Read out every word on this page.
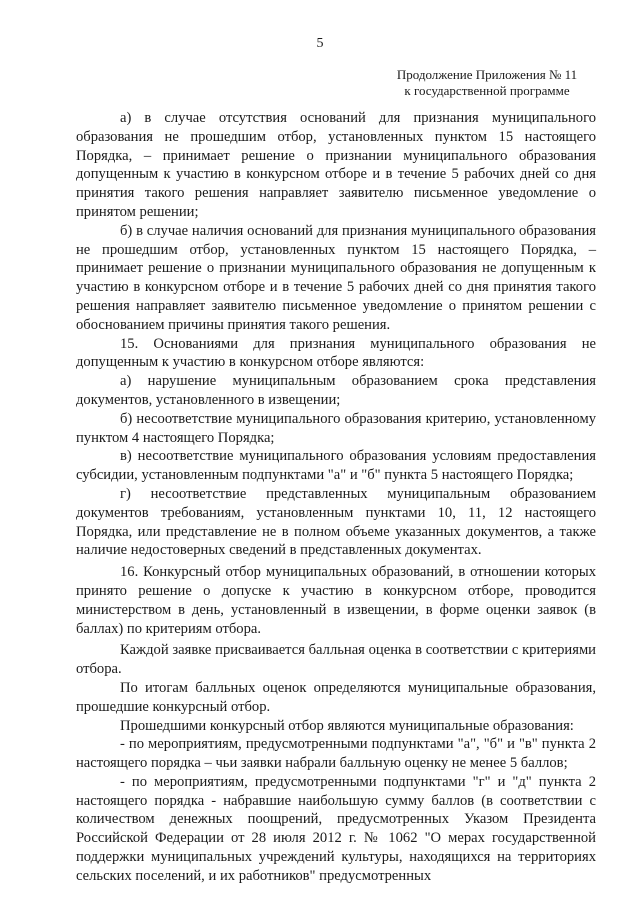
5
Продолжение Приложения № 11
к государственной программе

а) в случае отсутствия оснований для признания муниципального образования не прошедшим отбор, установленных пунктом 15 настоящего Порядка, – принимает решение о признании муниципального образования допущенным к участию в конкурсном отборе и в течение 5 рабочих дней со дня принятия такого решения направляет заявителю письменное уведомление о принятом решении;

б) в случае наличия оснований для признания муниципального образования не прошедшим отбор, установленных пунктом 15 настоящего Порядка, – принимает решение о признании муниципального образования не допущенным к участию в конкурсном отборе и в течение 5 рабочих дней со дня принятия такого решения направляет заявителю письменное уведомление о принятом решении с обоснованием причины принятия такого решения.

15. Основаниями для признания муниципального образования не допущенным к участию в конкурсном отборе являются:

а) нарушение муниципальным образованием срока представления документов, установленного в извещении;

б) несоответствие муниципального образования критерию, установленному пунктом 4 настоящего Порядка;

в) несоответствие муниципального образования условиям предоставления субсидии, установленным подпунктами "а" и "б" пункта 5 настоящего Порядка;

г) несоответствие представленных муниципальным образованием документов требованиям, установленным пунктами 10, 11, 12 настоящего Порядка, или представление не в полном объеме указанных документов, а также наличие недостоверных сведений в представленных документах.

16. Конкурсный отбор муниципальных образований, в отношении которых принято решение о допуске к участию в конкурсном отборе, проводится министерством в день, установленный в извещении, в форме оценки заявок (в баллах) по критериям отбора.

Каждой заявке присваивается балльная оценка в соответствии с критериями отбора.

По итогам балльных оценок определяются муниципальные образования, прошедшие конкурсный отбор.

Прошедшими конкурсный отбор являются муниципальные образования:

- по мероприятиям, предусмотренными подпунктами "а", "б" и "в" пункта 2 настоящего порядка – чьи заявки набрали балльную оценку не менее 5 баллов;

- по мероприятиям, предусмотренными подпунктами "г" и "д" пункта 2 настоящего порядка - набравшие наибольшую сумму баллов (в соответствии с количеством денежных поощрений, предусмотренных Указом Президента Российской Федерации от 28 июля 2012 г. № 1062 "О мерах государственной поддержки муниципальных учреждений культуры, находящихся на территориях сельских поселений, и их работников" предусмотренных
